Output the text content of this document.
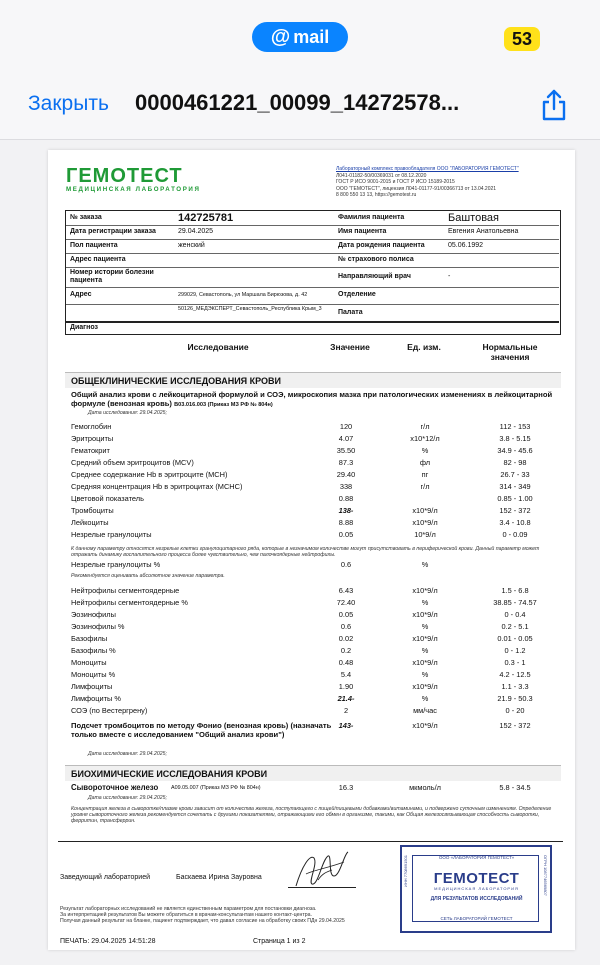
@ mail	53
Закрыть 0000461221_00099_14272578...
ГЕМОТЕСТ
МЕДИЦИНСКАЯ ЛАБОРАТОРИЯ
Лабораторный комплекс правообладателя ООО "ЛАБОРАТОРИЯ ГЕМОТЕСТ"
Л041-01182-50/00369031 от 08.12.2020
ГОСТ Р ИСО 9001-2015 и ГОСТ Р ИСО 15189-2015
ООО "ГЕМОТЕСТ", лицензия Л041-01177-91/00366713 от 13.04.2021
8 800 550 13 13, https://gemotest.ru
№ заказа	142725781	Фамилия пациента	Баштовая
Дата регистрации заказа	29.04.2025	Имя пациента	Евгения Анатольевна
Пол пациента	женский	Дата рождения пациента	05.06.1992
Адрес пациента	№ страхового полиса
Номер истории болезни пациента
Направляющий врач	-
Адрес	299029, Севастополь, ул Маршала Бирюзова, д. 42	Отделение
50126_МЕДЭКСПЕРТ_Севастополь_Республика Крым_3	Палата
Диагноз
Исследование	Значение	Ед. изм.	Нормальные значения
ОБЩЕКЛИНИЧЕСКИЕ ИССЛЕДОВАНИЯ КРОВИ
Общий анализ крови с лейкоцитарной формулой и СОЭ, микроскопия мазка при патологических изменениях в лейкоцитарной формуле (венозная кровь) B03.016.003 (Приказ МЗ РФ № 804н)
Дата исследования: 29.04.2025;
Гемоглобин	120	г/л	112 - 153
Эритроциты	4.07	x10*12/л	3.8 - 5.15
Гематокрит	35.50	%	34.9 - 45.6
Средний объем эритроцитов (MCV)	87.3	фл	82 - 98
Среднее содержание Hb в эритроците (MCH)	29.40	пг	26.7 - 33
Средняя концентрация Hb в эритроцитах (MCHC)	338	г/л	314 - 349
Цветовой показатель	0.88	0.85 - 1.00
Тромбоциты	138-	x10*9/л	152 - 372
Лейкоциты	8.88	x10*9/л	3.4 - 10.8
Незрелые гранулоциты	0.05	10*9/л	0 - 0.09
К данному параметру относятся незрелые клетки гранулоцитарного ряда, которые в незначимом количестве могут присутствовать в периферической крови. Данный параметр может отражать динамику воспалительного процесса более чувствительно, чем палочкоядерные нейтрофилы.
Незрелые гранулоциты %	0.6	%
Рекомендуется оценивать абсолютное значение параметра.
Нейтрофилы сегментоядерные	6.43	x10*9/л	1.5 - 6.8
Нейтрофилы сегментоядерные %	72.40	%	38.85 - 74.57
Эозинофилы	0.05	x10*9/л	0 - 0.4
Эозинофилы %	0.6	%	0.2 - 5.1
Базофилы	0.02	x10*9/л	0.01 - 0.05
Базофилы %	0.2	%	0 - 1.2
Моноциты	0.48	x10*9/л	0.3 - 1
Моноциты %	5.4	%	4.2 - 12.5
Лимфоциты	1.90	x10*9/л	1.1 - 3.3
Лимфоциты %	21.4-	%	21.9 - 50.3
СОЭ (по Вестергрену)	2	мм/час	0 - 20
Подсчет тромбоцитов по методу Фонио (венозная кровь) (назначать только вместе с исследованием "Общий анализ крови")
143-	x10*9/л	152 - 372
Дата исследования: 29.04.2025;
БИОХИМИЧЕСКИЕ ИССЛЕДОВАНИЯ КРОВИ
Сывороточное железо A09.05.007 (Приказ МЗ РФ № 804н)	16.3	мкмоль/л	5.8 - 34.5
Дата исследования: 29.04.2025;
Концентрация железа в сыворотке/плазме крови зависит от количества железа, поступающего с пищей/пищевыми добавками/витаминами, и подвержено суточным изменениям. Определение уровня сывороточного железа рекомендуется сочетать с другими показателями, отражающими его обмен в организме, такими, как Общая железосвязывающая способность сыворотки, ферритин, трансферрин.
Заведующий лабораторией	Баскаева Ирина Зауровна	ИНН 7708691501	ОГРН 1087746569807
ООО «ЛАБОРАТОРИЯ ГЕМОТЕСТ»
ГЕМОТЕСТ
МЕДИЦИНСКАЯ ЛАБОРАТОРИЯ
ДЛЯ РЕЗУЛЬТАТОВ ИССЛЕДОВАНИЙ
СЕТЬ ЛАБОРАТОРИЙ ГЕМОТЕСТ
Результат лабораторных исследований не является единственным параметром для постановки диагноза.
За интерпретацией результатов Вы можете обратиться в врачам-консультантам нашего контакт-центра.
Получая данный результат на бланке, пациент подтверждает, что давал согласие на обработку своих ПДн 29.04.2025
ПЕЧАТЬ: 29.04.2025 14:51:28	Страница 1 из 2
